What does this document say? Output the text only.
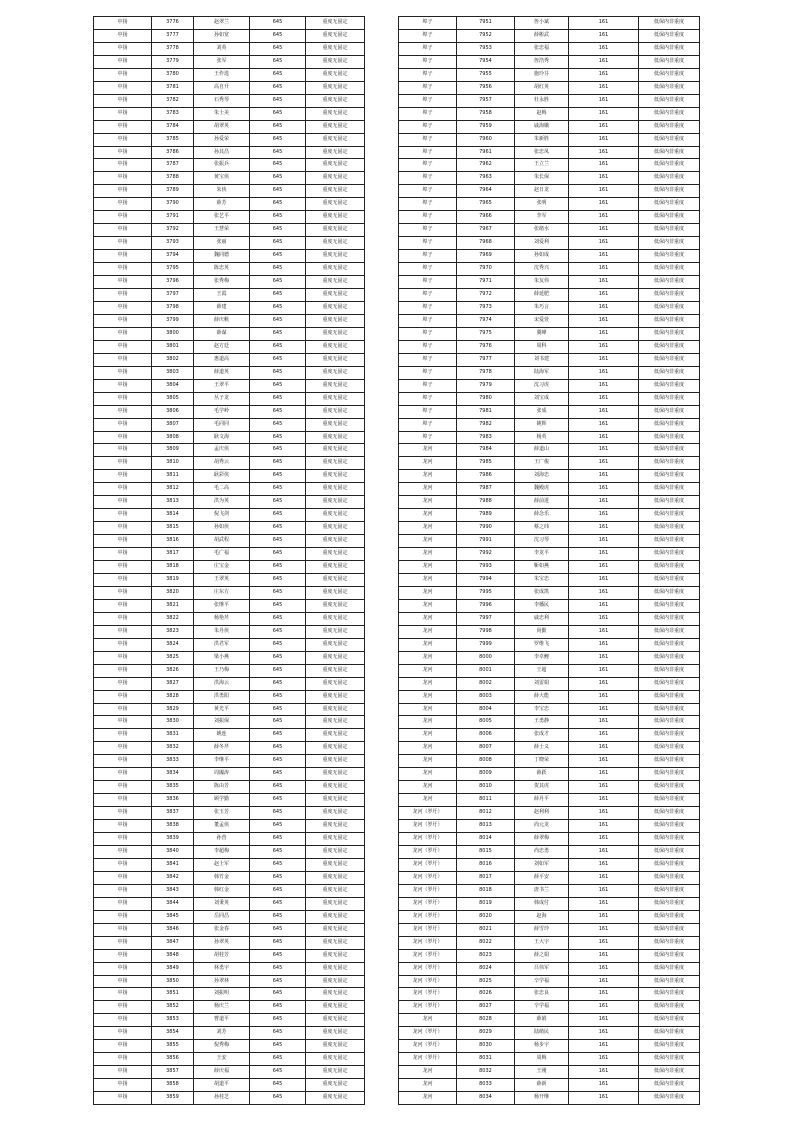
中扬	3776	赵翠兰	645	重度无固定
中扬	3777	孙如宽	645	重度无固定
中扬	3778	刘英	645	重度无固定
中扬	3779	张军	645	重度无固定
中扬	3780	王作选	645	重度无固定
中扬	3781	高自升	645	重度无固定
中扬	3782	石秀琴	645	重度无固定
中扬	3783	朱士美	645	重度无固定
中扬	3784	胡翠英	645	重度无固定
中扬	3785	孙爱荣	645	重度无固定
中扬	3786	孙其昌	645	重度无固定
中扬	3787	张振兵	645	重度无固定
中扬	3788	黄宝侠	645	重度无固定
中扬	3789	朱侠	645	重度无固定
中扬	3790	薛芳	645	重度无固定
中扬	3791	张艺平	645	重度无固定
中扬	3792	王慧荣	645	重度无固定
中扬	3793	张丽	645	重度无固定
中扬	3794	魏同德	645	重度无固定
中扬	3795	陈忠英	645	重度无固定
中扬	3796	张秀梅	645	重度无固定
中扬	3797	王霞	645	重度无固定
中扬	3798	薛建	645	重度无固定
中扬	3799	薛庆帆	645	重度无固定
中扬	3800	薛谋	645	重度无固定
中扬	3801	赵方廷	645	重度无固定
中扬	3802	惠道高	645	重度无固定
中扬	3803	薛道英	645	重度无固定
中扬	3804	王翠平	645	重度无固定
中扬	3805	丛子龙	645	重度无固定
中扬	3806	毛学岭	645	重度无固定
中扬	3807	毛同同	645	重度无固定
中扬	3808	耿文海	645	重度无固定
中扬	3809	孟庆侠	645	重度无固定
中扬	3810	胡秀云	645	重度无固定
中扬	3811	耿彩侠	645	重度无固定
中扬	3812	毛二高	645	重度无固定
中扬	3813	洪为英	645	重度无固定
中扬	3814	倪飞剑	645	重度无固定
中扬	3815	孙如侠	645	重度无固定
中扬	3816	胡武程	645	重度无固定
中扬	3817	毛广福	645	重度无固定
中扬	3818	庄宝金	645	重度无固定
中扬	3819	王翠英	645	重度无固定
中扬	3820	庄东方	645	重度无固定
中扬	3821	张继平	645	重度无固定
中扬	3822	杨艳芹	645	重度无固定
中扬	3823	朱丹侠	645	重度无固定
中扬	3824	洪君军	645	重度无固定
中扬	3825	梁小燕	645	重度无固定
中扬	3826	王乃梅	645	重度无固定
中扬	3827	洪海云	645	重度无固定
中扬	3828	洪勇阳	645	重度无固定
中扬	3829	黄光平	645	重度无固定
中扬	3830	刘振保	645	重度无固定
中扬	3831	姚连	645	重度无固定
中扬	3832	薛冬芹	645	重度无固定
中扬	3833	李继平	645	重度无固定
中扬	3834	周國涛	645	重度无固定
中扬	3835	陈由芳	645	重度无固定
中扬	3836	顾学勤	645	重度无固定
中扬	3837	张玉芳	645	重度无固定
中扬	3838	董孟侠	645	重度无固定
中扬	3839	孙营	645	重度无固定
中扬	3840	李超梅	645	重度无固定
中扬	3841	赵士军	645	重度无固定
中扬	3842	韩竹金	645	重度无固定
中扬	3843	韩红金	645	重度无固定
中扬	3844	刘秉英	645	重度无固定
中扬	3845	岳同昌	645	重度无固定
中扬	3846	张金春	645	重度无固定
中扬	3847	孙翠英	645	重度无固定
中扬	3848	胡桂芳	645	重度无固定
中扬	3849	林勇宇	645	重度无固定
中扬	3850	孙翠林	645	重度无固定
中扬	3851	刘振明	645	重度无固定
中扬	3852	杨庆兰	645	重度无固定
中扬	3853	曹道平	645	重度无固定
中扬	3854	刘芳	645	重度无固定
中扬	3855	倪秀梅	645	重度无固定
中扬	3856	王安	645	重度无固定
中扬	3857	薛庆福	645	重度无固定
中扬	3858	胡道平	645	重度无固定
中扬	3859	孙桂芝	645	重度无固定
埠子	7951	詹小斌	161	低保内非重度
埠子	7952	薛彬武	161	低保内非重度
埠子	7953	张忠福	161	低保内非重度
埠子	7954	詹浩秀	161	低保内非重度
埠子	7955	施玲芬	161	低保内非重度
埠子	7956	胡红英	161	低保内非重度
埠子	7957	杜永胜	161	低保内非重度
埠子	7958	赵梅	161	低保内非重度
埠子	7959	戚海娥	161	低保内非重度
埠子	7960	朱新胜	161	低保内非重度
埠子	7961	张忠凤	161	低保内非重度
埠子	7962	王立兰	161	低保内非重度
埠子	7963	朱长保	161	低保内非重度
埠子	7964	赵日龙	161	低保内非重度
埠子	7965	张明	161	低保内非重度
埠子	7966	李军	161	低保内非重度
埠子	7967	张绪水	161	低保内非重度
埠子	7968	刘爱利	161	低保内非重度
埠子	7969	孙如成	161	低保内非重度
埠子	7970	沈秀兴	161	低保内非重度
埠子	7971	朱友伟	161	低保内非重度
埠子	7972	薛延肥	161	低保内非重度
埠子	7973	朱巧言	161	低保内非重度
埠子	7974	宋爱萱	161	低保内非重度
埠子	7975	冀峰	161	低保内非重度
埠子	7976	周科	161	低保内非重度
埠子	7977	刘书建	161	低保内非重度
埠子	7978	陆海军	161	低保内非重度
埠子	7979	沈习虎	161	低保内非重度
埠子	7980	刘宝成	161	低保内非重度
埠子	7981	张成	161	低保内非重度
埠子	7982	姚辉	161	低保内非重度
埠子	7983	杨英	161	低保内非重度
龙河	7984	薛道山	161	低保内非重度
龙河	7985	王广俊	161	低保内非重度
龙河	7986	刘海忠	161	低保内非重度
龙河	7987	魏殿虎	161	低保内非重度
龙河	7988	薛前进	161	低保内非重度
龙河	7989	薛念乐	161	低保内非重度
龙河	7990	蔡之纬	161	低保内非重度
龙河	7991	沈习琴	161	低保内非重度
龙河	7992	李龙平	161	低保内非重度
龙河	7993	靳如燕	161	低保内非重度
龙河	7994	朱宝忠	161	低保内非重度
龙河	7995	张成凯	161	低保内非重度
龙河	7996	李播民	161	低保内非重度
龙河	7997	戚忠利	161	低保内非重度
龙河	7998	尚勤	161	低保内非重度
龙河	7999	罗维飞	161	低保内非重度
龙河	8000	李卓鲤	161	低保内非重度
龙河	8001	王超	161	低保内非重度
龙河	8002	刘雷娟	161	低保内非重度
龙河	8003	薛大能	161	低保内非重度
龙河	8004	李宝忠	161	低保内非重度
龙河	8005	王勇静	161	低保内非重度
龙河	8006	张成才	161	低保内非重度
龙河	8007	薛士义	161	低保内非重度
龙河	8008	丁晓荣	161	低保内非重度
龙河	8009	薛跃	161	低保内非重度
龙河	8010	贺其虎	161	低保内非重度
龙河	8011	薛丹平	161	低保内非重度
龙河（罗圩）	8012	赵利利	161	低保内非重度
龙河（罗圩）	8013	尚元龙	161	低保内非重度
龙河（罗圩）	8014	薛翠梅	161	低保内非重度
龙河（罗圩）	8015	尚忠勇	161	低保内非重度
龙河（罗圩）	8016	刘如军	161	低保内非重度
龙河（罗圩）	8017	薛平安	161	低保内非重度
龙河（罗圩）	8018	唐书兰	161	低保内非重度
龙河（罗圩）	8019	韩成付	161	低保内非重度
龙河（罗圩）	8020	赵海	161	低保内非重度
龙河（罗圩）	8021	薛雪玲	161	低保内非重度
龙河（罗圩）	8022	王大宇	161	低保内非重度
龙河（罗圩）	8023	薛之娟	161	低保内非重度
龙河（罗圩）	8024	吕伟军	161	低保内非重度
龙河（罗圩）	8025	辛学福	161	低保内非重度
龙河（罗圩）	8026	张忠良	161	低保内非重度
龙河（罗圩）	8027	辛学福	161	低保内非重度
龙河	8028	薛娟	161	低保内非重度
龙河（罗圩）	8029	陆绪民	161	低保内非重度
龙河（罗圩）	8030	杨步宇	161	低保内非重度
龙河（罗圩）	8031	周梅	161	低保内非重度
龙河	8032	王刚	161	低保内非重度
龙河	8033	薛新	161	低保内非重度
龙河	8034	杨开继	161	低保内非重度
